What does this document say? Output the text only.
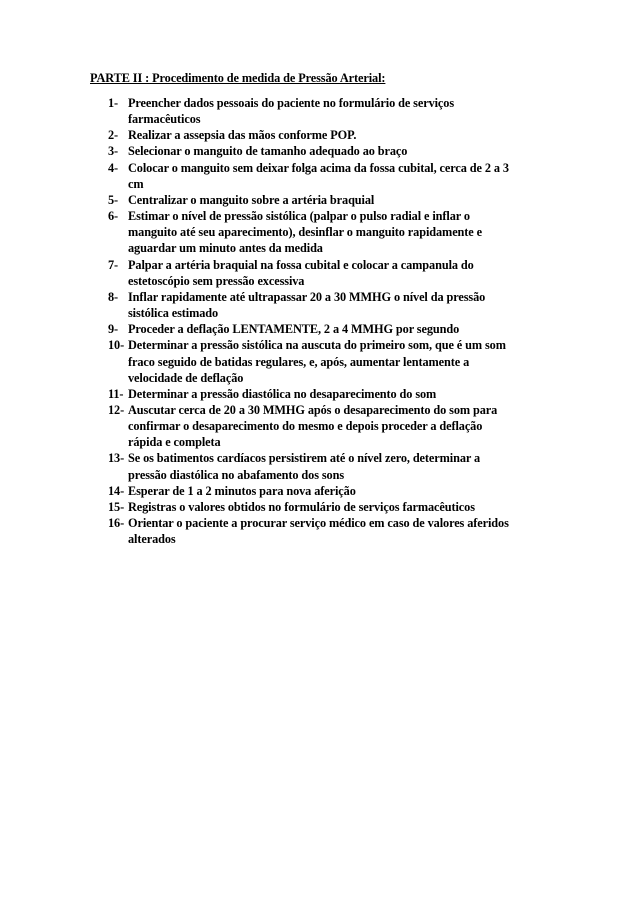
PARTE II : Procedimento de medida de Pressão Arterial:
1- Preencher dados pessoais do paciente no formulário de serviços
farmacêuticos
2- Realizar a assepsia das mãos conforme POP.
3- Selecionar o manguito de tamanho adequado ao braço
4- Colocar o manguito sem deixar folga acima da fossa cubital, cerca de 2 a 3
cm
5- Centralizar o manguito sobre a artéria braquial
6- Estimar o nível de pressão sistólica (palpar o pulso radial e inflar o
manguito até seu aparecimento), desinflar o manguito rapidamente e
aguardar um minuto antes da medida
7- Palpar a artéria braquial na fossa cubital e colocar a campanula do
estetoscópio sem pressão excessiva
8- Inflar rapidamente até ultrapassar 20 a 30 MMHG o nível da pressão
sistólica estimado
9- Proceder a deflação LENTAMENTE, 2 a 4 MMHG por segundo
10- Determinar a pressão sistólica na auscuta do primeiro som, que é um som
fraco seguido de batidas regulares, e, após, aumentar lentamente a
velocidade de deflação
11- Determinar a pressão diastólica no desaparecimento do som
12- Auscutar cerca de 20 a 30 MMHG após o desaparecimento do som para
confirmar o desaparecimento do mesmo e depois proceder a deflação
rápida e completa
13- Se os batimentos cardíacos persistirem até o nível zero, determinar a
pressão diastólica no abafamento dos sons
14- Esperar de 1 a 2 minutos para nova aferição
15- Registras o valores obtidos no formulário de serviços farmacêuticos
16- Orientar o paciente a procurar serviço médico em caso de valores aferidos
alterados
